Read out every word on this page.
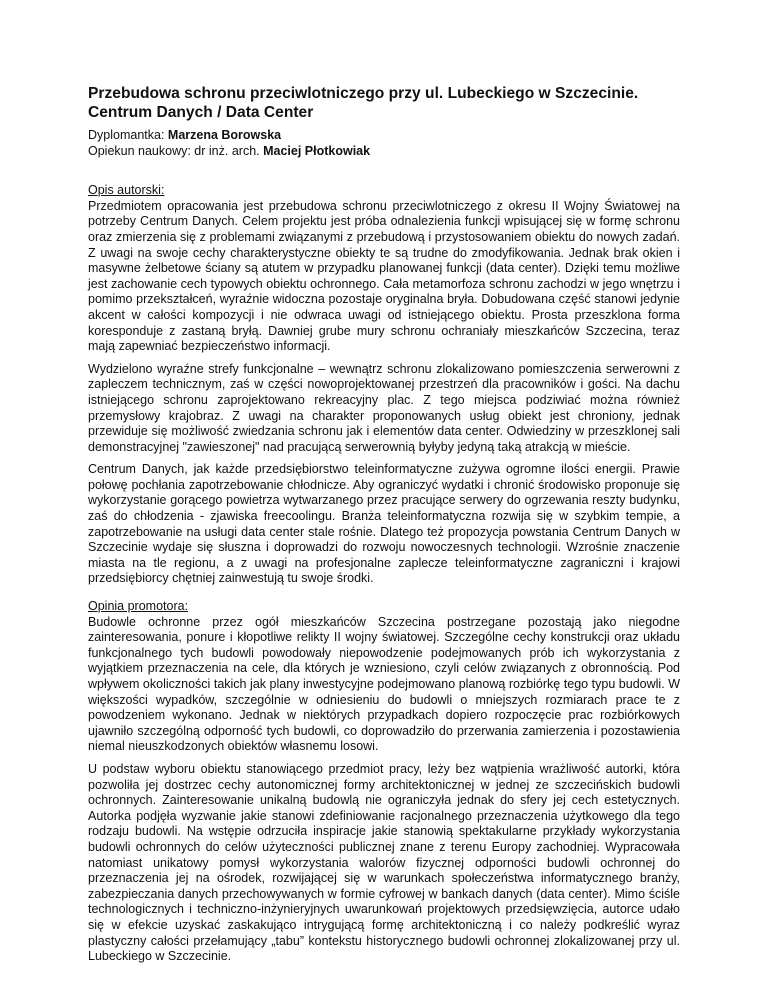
Przebudowa schronu przeciwlotniczego przy ul. Lubeckiego w Szczecinie.
Centrum Danych / Data Center
Dyplomantka: Marzena Borowska
Opiekun naukowy: dr inż. arch. Maciej Płotkowiak
Opis autorski:

Przedmiotem opracowania jest przebudowa schronu przeciwlotniczego z okresu II Wojny Światowej na potrzeby Centrum Danych. Celem projektu jest próba odnalezienia funkcji wpisującej się w formę schronu oraz zmierzenia się z problemami związanymi z przebudową i przystosowaniem obiektu do nowych zadań. Z uwagi na swoje cechy charakterystyczne obiekty te są trudne do zmodyfikowania. Jednak brak okien i masywne żelbetowe ściany są atutem w przypadku planowanej funkcji (data center). Dzięki temu możliwe jest zachowanie cech typowych obiektu ochronnego. Cała metamorfoza schronu zachodzi w jego wnętrzu i pomimo przekształceń, wyraźnie widoczna pozostaje oryginalna bryła. Dobudowana część stanowi jedynie akcent w całości kompozycji i nie odwraca uwagi od istniejącego obiektu. Prosta przeszklona forma koresponduje z zastaną bryłą. Dawniej grube mury schronu ochraniały mieszkańców Szczecina, teraz mają zapewniać bezpieczeństwo informacji.

Wydzielono wyraźne strefy funkcjonalne – wewnątrz schronu zlokalizowano pomieszczenia serwerowni z zapleczem technicznym, zaś w części nowoprojektowanej przestrzeń dla pracowników i gości. Na dachu istniejącego schronu zaprojektowano rekreacyjny plac. Z tego miejsca podziwiać można również przemysłowy krajobraz. Z uwagi na charakter proponowanych usług obiekt jest chroniony, jednak przewiduje się możliwość zwiedzania schronu jak i elementów data center. Odwiedziny w przeszklonej sali demonstracyjnej "zawieszonej" nad pracującą serwerownią byłyby jedyną taką atrakcją w mieście.

Centrum Danych, jak każde przedsiębiorstwo teleinformatyczne zużywa ogromne ilości energii. Prawie połowę pochłania zapotrzebowanie chłodnicze. Aby ograniczyć wydatki i chronić środowisko proponuje się wykorzystanie gorącego powietrza wytwarzanego przez pracujące serwery do ogrzewania reszty budynku, zaś do chłodzenia - zjawiska freecoolingu. Branża teleinformatyczna rozwija się w szybkim tempie, a zapotrzebowanie na usługi data center stale rośnie. Dlatego też propozycja powstania Centrum Danych w Szczecinie wydaje się słuszna i doprowadzi do rozwoju nowoczesnych technologii. Wzrośnie znaczenie miasta na tle regionu, a z uwagi na profesjonalne zaplecze teleinformatyczne zagraniczni i krajowi przedsiębiorcy chętniej zainwestują tu swoje środki.

Opinia promotora:

Budowle ochronne przez ogół mieszkańców Szczecina postrzegane pozostają jako niegodne zainteresowania, ponure i kłopotliwe relikty II wojny światowej. Szczególne cechy konstrukcji oraz układu funkcjonalnego tych budowli powodowały niepowodzenie podejmowanych prób ich wykorzystania z wyjątkiem przeznaczenia na cele, dla których je wzniesiono, czyli celów związanych z obronnością. Pod wpływem okoliczności takich jak plany inwestycyjne podejmowano planową rozbiórkę tego typu budowli. W większości wypadków, szczególnie w odniesieniu do budowli o mniejszych rozmiarach prace te z powodzeniem wykonano. Jednak w niektórych przypadkach dopiero rozpoczęcie prac rozbiórkowych ujawniło szczególną odporność tych budowli, co doprowadziło do przerwania zamierzenia i pozostawienia niemal nieuszkodzonych obiektów własnemu losowi.

U podstaw wyboru obiektu stanowiącego przedmiot pracy, leży bez wątpienia wrażliwość autorki, która pozwoliła jej dostrzec cechy autonomicznej formy architektonicznej w jednej ze szczecińskich budowli ochronnych. Zainteresowanie unikalną budowlą nie ograniczyła jednak do sfery jej cech estetycznych. Autorka podjęła wyzwanie jakie stanowi zdefiniowanie racjonalnego przeznaczenia użytkowego dla tego rodzaju budowli. Na wstępie odrzuciła inspiracje jakie stanowią spektakularne przykłady wykorzystania budowli ochronnych do celów użyteczności publicznej znane z terenu Europy zachodniej. Wypracowała natomiast unikatowy pomysł wykorzystania walorów fizycznej odporności budowli ochronnej do przeznaczenia jej na ośrodek, rozwijającej się w warunkach społeczeństwa informatycznego branży, zabezpieczania danych przechowywanych w formie cyfrowej w bankach danych (data center). Mimo ściśle technologicznych i techniczno-inżynieryjnych uwarunkowań projektowych przedsięwzięcia, autorce udało się w efekcie uzyskać zaskakująco intrygującą formę architektoniczną i co należy podkreślić wyraz plastyczny całości przełamujący „tabu” kontekstu historycznego budowli ochronnej zlokalizowanej przy ul. Lubeckiego w Szczecinie.
